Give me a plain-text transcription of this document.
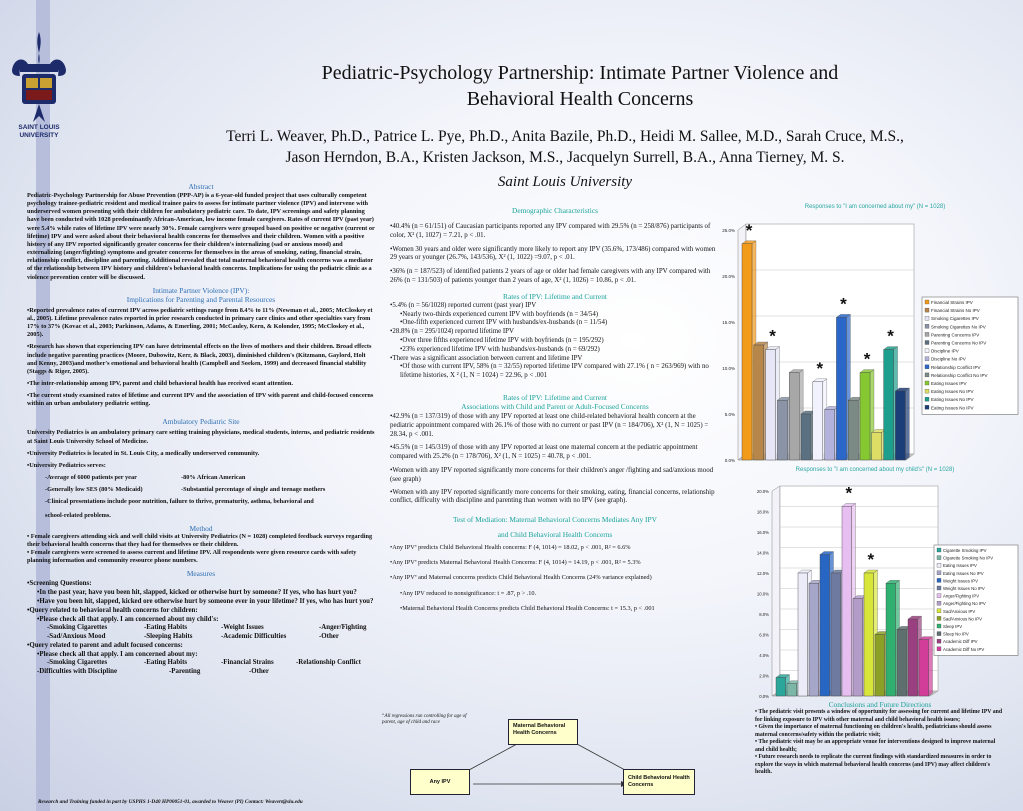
SAINT LOUIS UNIVERSITY
Pediatric-Psychology Partnership: Intimate Partner Violence and
Behavioral Health Concerns
Terri L. Weaver, Ph.D., Patrice L. Pye, Ph.D., Anita Bazile, Ph.D., Heidi M. Sallee, M.D., Sarah Cruce, M.S.,
Jason Herndon, B.A., Kristen Jackson, M.S., Jacquelyn Surrell, B.A., Anna Tierney, M. S.
Saint Louis University
Abstract
Pediatric-Psychology Partnership for Abuse Prevention (PPP-AP) is a 6-year-old funded project that uses culturally competent psychology trainee-pediatric resident and medical trainee pairs to assess for intimate partner violence (IPV) and intervene with underserved women presenting with their children for ambulatory pediatric care. To date, IPV screenings and safety planning have been conducted with 1028 predominantly African-American, low income female caregivers. Rates of current IPV (past year) were 5.4% while rates of lifetime IPV were nearly 30%. Female caregivers were grouped based on positive or negative (current or lifetime) IPV and were asked about their behavioral health concerns for themselves and their children. Women with a positive history of any IPV reported significantly greater concerns for their children's internalizing (sad or anxious mood) and externalizing (anger/fighting) symptoms and greater concerns for themselves in the areas of smoking, eating, financial strain, relationship conflict, discipline and parenting. Additional revealed that total maternal behavioral health concerns was a mediator of the relationship between IPV history and children's behavioral health concerns. Implications for using the pediatric clinic as a violence prevention center will be discussed.
Intimate Partner Violence (IPV):
Implications for Parenting and Parental Resources
•Reported prevalence rates of current IPV across pediatric settings range from 8.4% to 11% (Newman et al., 2005; McCloskey et al., 2005). Lifetime prevalence rates reported in prior research conducted in primary care clinics and other specialties vary from 17% to 37% (Kovac et al., 2003; Parkinson, Adams, & Emerling, 2001; McCauley, Kern, & Kolonder, 1995; McCloskey et al., 2005).
•Research has shown that experiencing IPV can have detrimental effects on the lives of mothers and their children. Broad effects include negative parenting practices (Moore, Dubowitz, Kerr, & Black, 2003), diminished children's (Kitzmann, Gaylord, Holt and Kenny, 2003)and mother's emotional and behavioral health (Campbell and Soeken, 1999) and decreased financial stability (Staggs & Riger, 2005).
•The inter-relationship among IPV, parent and child behavioral health has received scant attention.
•The current study examined rates of lifetime and current IPV and the association of IPV with parent and child-focused concerns within an urban ambulatory pediatric setting.
Ambulatory Pediatric Site
University Pediatrics is an ambulatory primary care setting training physicians, medical students, interns, and pediatric residents at Saint Louis University School of Medicine.
•University Pediatrics is located in St. Louis City, a medically underserved community.
•University Pediatrics serves:
-Average of 6000 patients per year	-80% African American
-Generally low SES (80% Medicaid)	-Substantial percentage of single and teenage mothers
-Clinical presentations include poor nutrition, failure to thrive, prematurity, asthma, behavioral and
school-related problems.
Method
• Female caregivers attending sick and well child visits at University Pediatrics (N = 1028) completed feedback surveys regarding their behavioral health concerns that they had for themselves or their children.
• Female caregivers were screened to assess current and lifetime IPV. All respondents were given resource cards with safety planning information and community resource phone numbers.
Measures
•Screening Questions:
•In the past year, have you been hit, slapped, kicked or otherwise hurt by someone? If yes, who has hurt you?
•Have you been hit, slapped, kicked ore otherwise hurt by someone ever in your lifetime? If yes, who has hurt you?
•Query related to behavioral health concerns for children:
•Please check all that apply. I am concerned about my child's:
-Smoking Cigarettes	-Eating Habits	-Weight Issues	-Anger/Fighting
-Sad/Anxious Mood	-Sleeping Habits	-Academic Difficulties	-Other
•Query related to parent and adult focused concerns:
•Please check all that apply. I am concerned about my:
-Smoking Cigarettes	-Eating Habits	-Financial Strains	-Relationship Conflict
-Difficulties with Discipline	-Parenting	-Other
Research and Training funded in part by USPHS 1-D40 HP00051-01, awarded to Weaver (PI) Contact: Weavert@slu.edu
Demographic Characteristics
•40.4% (n = 61/151) of Caucasian participants reported any IPV compared with 29.5% (n = 258/876) participants of color, X² (1, 1027) = 7.21, p < .01.
•Women 30 years and older were significantly more likely to report any IPV (35.6%, 173/486) compared with women 29 years or younger (26.7%, 143/536), X² (1, 1022) =9.07, p < .01.
•36% (n = 187/523) of identified patients 2 years of age or older had female caregivers with any IPV compared with 26% (n = 131/503) of patients younger than 2 years of age, X² (1, 1026) = 10.86, p < .01.
Rates of IPV: Lifetime and Current
•5.4% (n = 56/1028) reported current (past year) IPV
•Nearly two-thirds experienced current IPV with boyfriends (n = 34/54)
•One-fifth experienced current IPV with husbands/ex-husbands (n = 11/54)
•28.8% (n = 295/1024) reported lifetime IPV
•Over three fifths experienced lifetime IPV with boyfriends (n = 195/292)
•23% experienced lifetime IPV with husbands/ex-husbands (n = 69/292)
•There was a significant association between current and lifetime IPV
•Of those with current IPV, 58% (n = 32/55) reported lifetime IPV compared with 27.1% ( n = 263/969) with no lifetime histories, X ² (1, N = 1024) = 22.96, p < .001
Rates of IPV: Lifetime and Current
Associations with Child and Parent or Adult-Focused Concerns
•42.9% (n = 137/319) of those with any IPV reported at least one child-related behavioral health concern at the pediatric appointment compared with 26.1% of those with no current or past IPV (n = 184/706), X² (1, N = 1025) = 28.34, p < .001.
•45.5% (n = 145/319) of those with any IPV reported at least one maternal concern at the pediatric appointment compared with 25.2% (n = 178/706), X² (1, N = 1025) = 40.78, p < .001.
•Women with any IPV reported significantly more concerns for their children's anger /fighting and sad/anxious mood (see graph)
•Women with any IPV reported significantly more concerns for their smoking, eating, financial concerns, relationship conflict, difficulty with discipline and parenting than women with no IPV (see graph).
Test of Mediation: Maternal Behavioral Concerns Mediates Any IPV
and Child Behavioral Health Concerns
•Any IPVª predicts Child Behavioral Health concerns: F (4, 1014) = 18.02, p < .001, R² = 6.6%
•Any IPVª predicts Maternal Behavioral Health Concerns: F (4, 1014) = 14.19, p < .001, R² = 5.3%
•Any IPVª and Maternal concerns predicts Child Behavioral Health Concerns (24% variance explained)
•Any IPV reduced to nonsignificance: t = .87, p > .10.
•Maternal Behavioral Health Concerns predicts Child Behavioral Health Concerns: t = 15.3, p < .001
ª All regressions run controlling for age of parent, age of child and race
Maternal Behavioral Health Concerns
Any IPV
Child Behavioral Health Concerns
Responses to "I am concerned about my" (N = 1028)
0.0%
5.0%
10.0%
15.0%
20.0%
25.0% *
*
*
*
*
*
Financial Strains IPV
Financial Strains No IPV
Smoking Cigarettes IPV
Smoking Cigarettes No IPV
Parenting Concerns IPV
Parenting Concerns No IPV
Discipline IPV
Discipline No IPV
Relationship Conflict IPV
Relationship Conflict No IPV
Eating Issues IPV
Eating Issues No IPV
Eating Issues No IPV
Eating Issues No IPV
Responses to "I am concerned about my child's" (N = 1028)
0.0%
2.0%
4.0%
6.0%
8.0%
10.0%
12.0%
14.0%
16.0%
18.0%
20.0%	*
*	Cigarette Smoking IPV
Cigarette Smoking No IPV
Eating Issues IPV
Eating Issues No IPV
Weight Issues IPV
Weight Issues No IPV
Anger/Fighting IPV
Anger/Fighting No IPV
Sad/Anxious IPV
Sad/Anxious No IPV
Sleep IPV
Sleep No IPV
Academic Diff IPV
Academic Diff No IPV
Conclusions and Future Directions
• The pediatric visit presents a window of opportunity for assessing for current and lifetime IPV and for linking exposure to IPV with other maternal and child behavioral health issues;
• Given the importance of maternal functioning on children's health, pediatricians should assess maternal concerns/safety within the pediatric visit;
• The pediatric visit may be an appropriate venue for interventions designed to improve maternal and child health;
• Future research needs to replicate the current findings with standardized measures in order to explore the ways in which maternal behavioral health concerns (and IPV) may affect children's health.
